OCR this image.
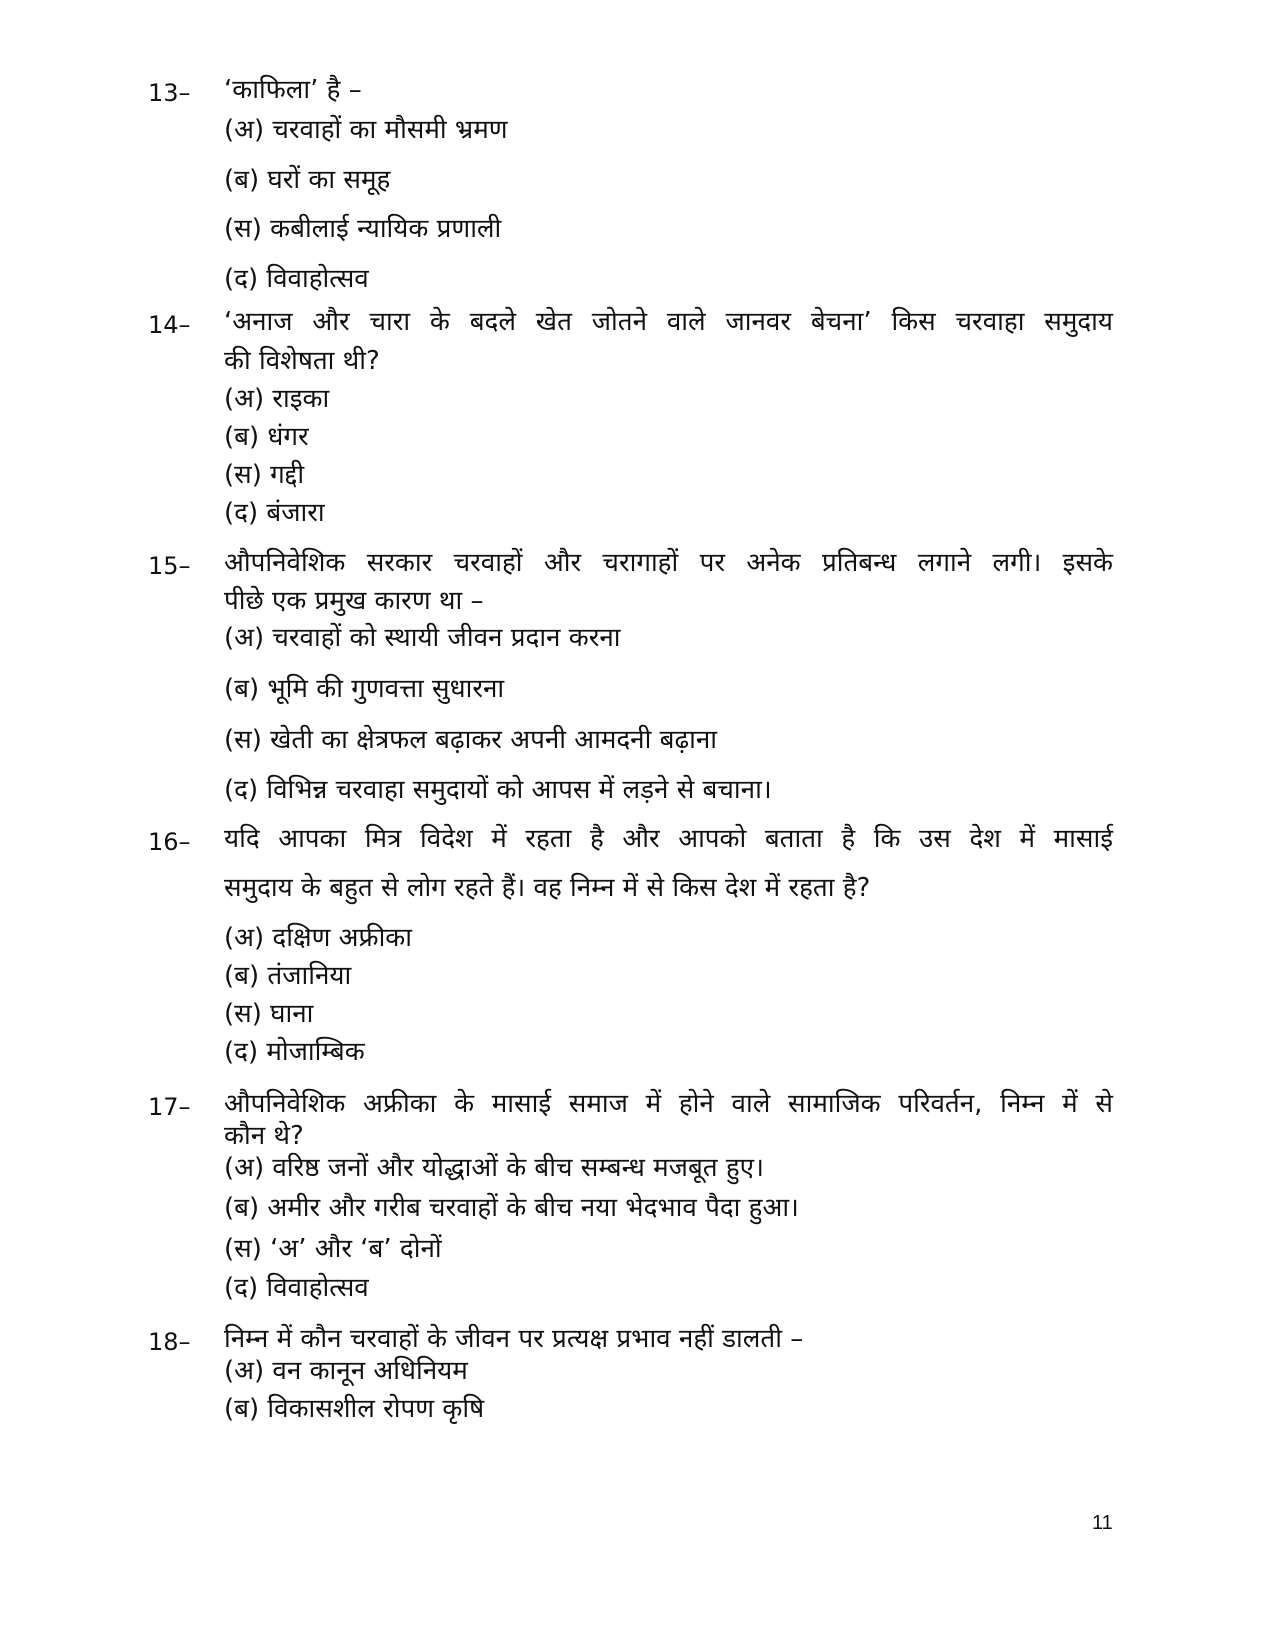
13– ‘काफिला’ है –
(अ) चरवाहों का मौसमी भ्रमण
(ब) घरों का समूह
(स) कबीलाई न्यायिक प्रणाली
(द) विवाहोत्सव
14– ‘अनाज और चारा के बदले खेत जोतने वाले जानवर बेचना’ किस चरवाहा समुदाय
की विशेषता थी?
(अ) राइका
(ब) धंगर
(स) गद्दी
(द) बंजारा
15– औपनिवेशिक सरकार चरवाहों और चरागाहों पर अनेक प्रतिबन्ध लगाने लगी। इसके
पीछे एक प्रमुख कारण था –
(अ) चरवाहों को स्थायी जीवन प्रदान करना
(ब) भूमि की गुणवत्ता सुधारना
(स) खेती का क्षेत्रफल बढ़ाकर अपनी आमदनी बढ़ाना
(द) विभिन्न चरवाहा समुदायों को आपस में लड़ने से बचाना।
16– यदि आपका मित्र विदेश में रहता है और आपको बताता है कि उस देश में मासाई
समुदाय के बहुत से लोग रहते हैं। वह निम्न में से किस देश में रहता है?
(अ) दक्षिण अफ्रीका
(ब) तंजानिया
(स) घाना
(द) मोजाम्बिक
17– औपनिवेशिक अफ्रीका के मासाई समाज में होने वाले सामाजिक परिवर्तन, निम्न में से
कौन थे?
(अ) वरिष्ठ जनों और योद्धाओं के बीच सम्बन्ध मजबूत हुए।
(ब) अमीर और गरीब चरवाहों के बीच नया भेदभाव पैदा हुआ।
(स) ‘अ’ और ‘ब’ दोनों
(द) विवाहोत्सव
18– निम्न में कौन चरवाहों के जीवन पर प्रत्यक्ष प्रभाव नहीं डालती –
(अ) वन कानून अधिनियम
(ब) विकासशील रोपण कृषि
11
